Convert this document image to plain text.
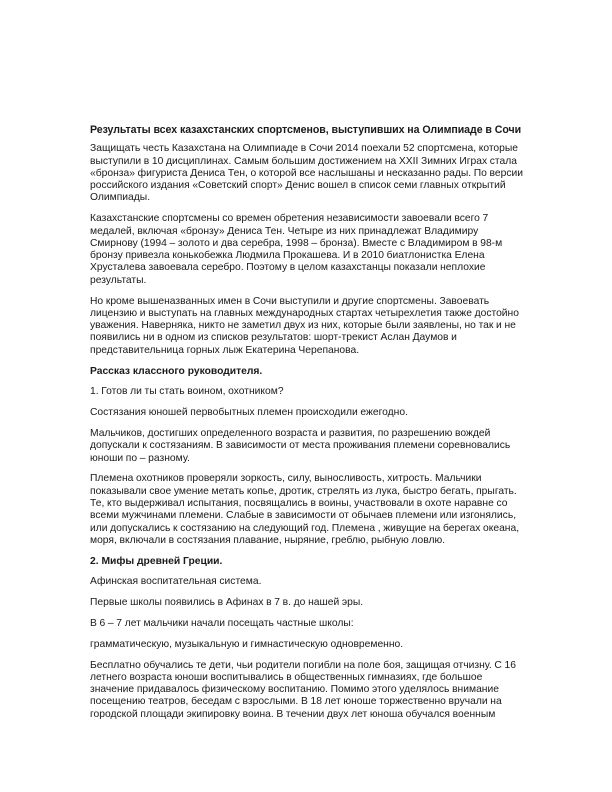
Результаты всех казахстанских спортсменов, выступивших на Олимпиаде в Сочи

Защищать честь Казахстана на Олимпиаде в Сочи 2014 поехали 52 спортсмена, которые выступили в 10 дисциплинах. Самым большим достижением на XXII Зимних Играх стала «бронза» фигуриста Дениса Тен, о которой все наслышаны и несказанно рады. По версии российского издания «Советский спорт» Денис вошел в список семи главных открытий Олимпиады.

Казахстанские спортсмены со времен обретения независимости завоевали всего 7 медалей, включая «бронзу» Дениса Тен. Четыре из них принадлежат Владимиру Смирнову (1994 – золото и два серебра, 1998 – бронза). Вместе с Владимиром в 98-м бронзу привезла конькобежка Людмила Прокашева. И в 2010 биатлонистка Елена Хрусталева завоевала серебро. Поэтому в целом казахстанцы показали неплохие результаты.

Но кроме вышеназванных имен в Сочи выступили и другие спортсмены. Завоевать лицензию и выступать на главных международных стартах четырехлетия также достойно уважения. Наверняка, никто не заметил двух из них, которые были заявлены, но так и не появились ни в одном из списков результатов: шорт-трекист Аслан Даумов и представительница горных лыж Екатерина Черепанова.

Рассказ классного руководителя.

1. Готов ли ты стать воином, охотником?

Состязания юношей первобытных племен происходили ежегодно.

Мальчиков, достигших определенного возраста и развития, по разрешению вождей допускали к состязаниям. В зависимости от места проживания племени соревновались юноши по – разному.

Племена охотников проверяли зоркость, силу, выносливость, хитрость. Мальчики показывали свое умение метать копье, дротик, стрелять из лука, быстро бегать, прыгать. Те, кто выдерживал испытания, посвящались в воины, участвовали в охоте наравне со всеми мужчинами племени. Слабые в зависимости от обычаев племени или изгонялись, или допускались к состязанию на следующий год. Племена , живущие на берегах океана, моря, включали в состязания плавание, ныряние, греблю, рыбную ловлю.

2. Мифы древней Греции.

Афинская воспитательная система.

Первые школы появились в Афинах в 7 в. до нашей эры.

В 6 – 7 лет мальчики начали посещать частные школы:

грамматическую, музыкальную и гимнастическую одновременно.

Бесплатно обучались те дети, чьи родители погибли на поле боя, защищая отчизну. С 16 летнего возраста юноши воспитывались в общественных гимназиях, где большое значение придавалось физическому воспитанию. Помимо этого уделялось внимание посещению театров, беседам с взрослыми. В 18 лет юноше торжественно вручали на городской площади экипировку воина. В течении двух лет юноша обучался военным
